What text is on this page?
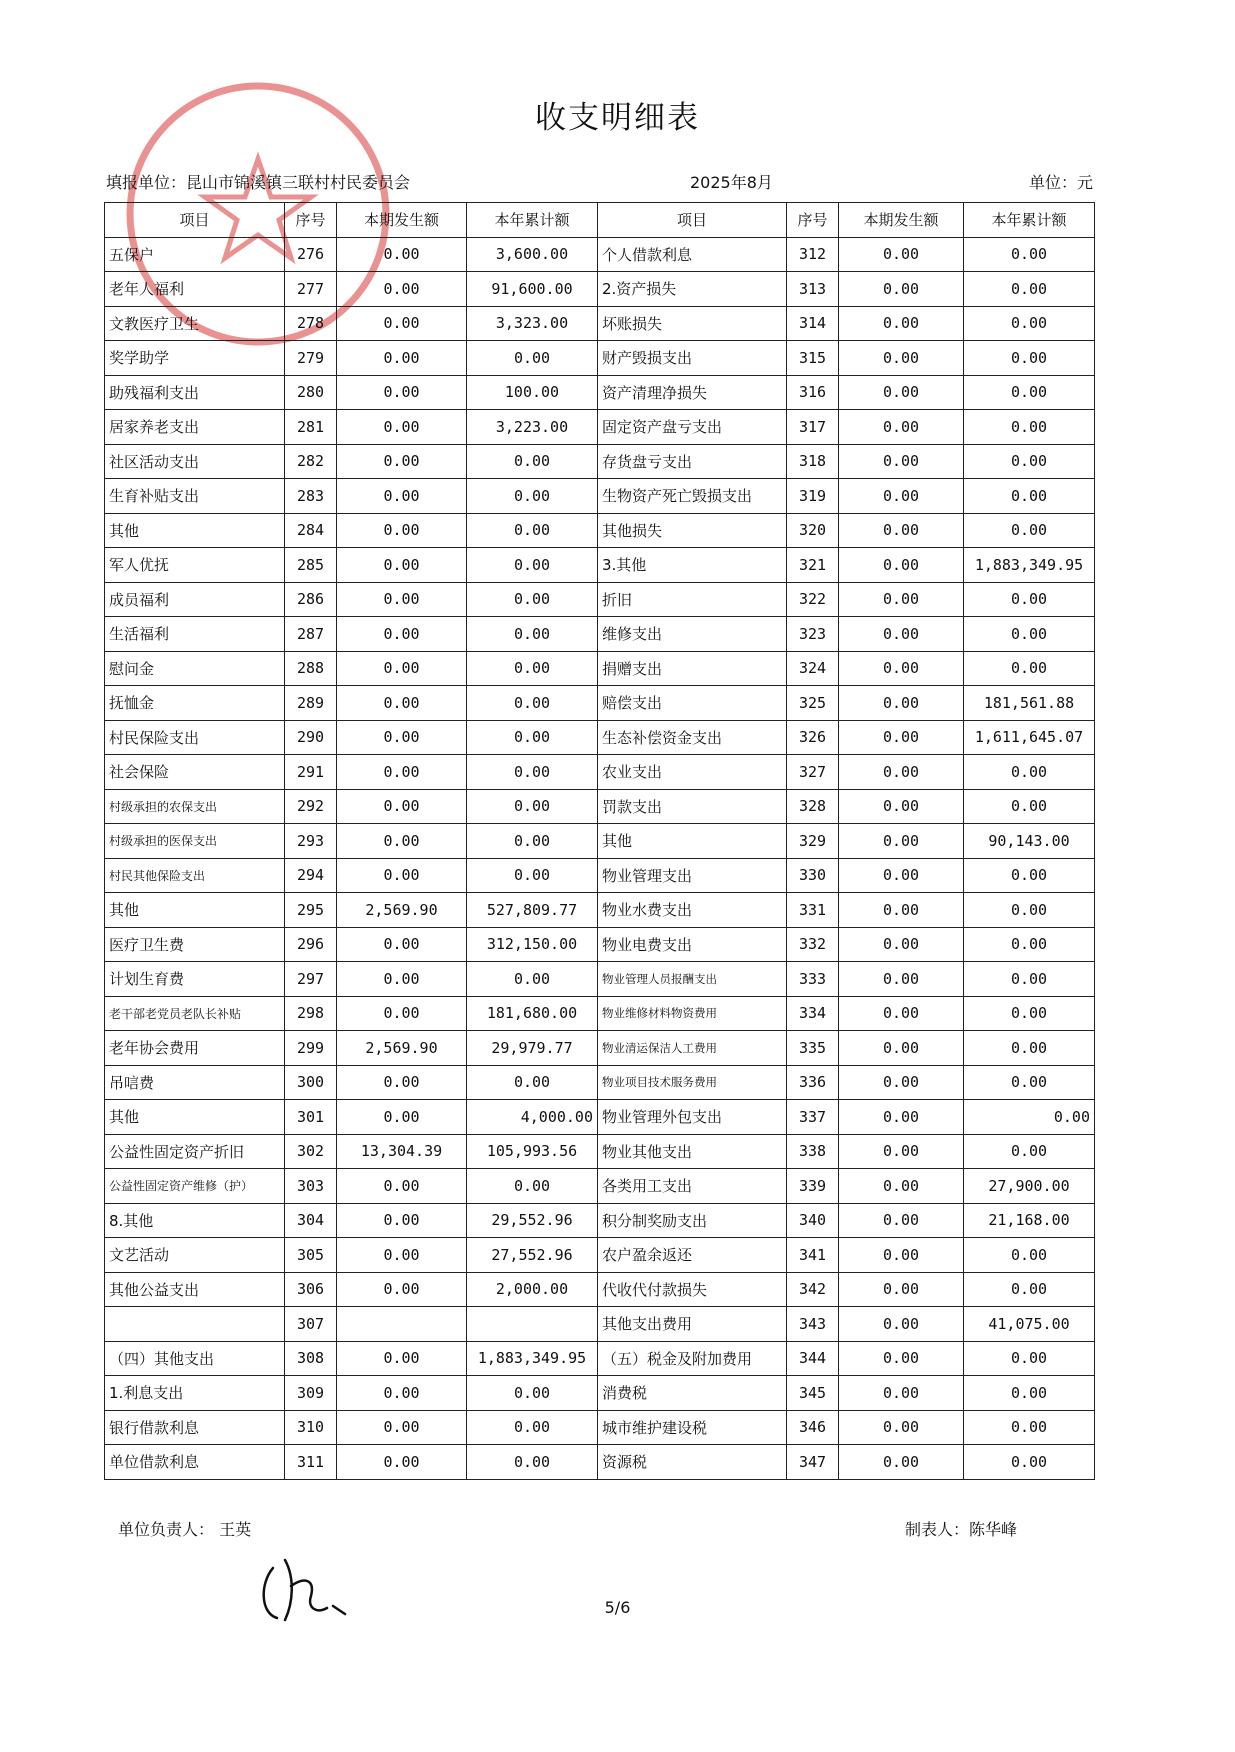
收支明细表
填报单位：昆山市锦溪镇三联村村民委员会	2025年8月	单位：元
项目	序号	本期发生额	本年累计额	项目	序号	本期发生额	本年累计额
五保户	276	0.00	3,600.00	个人借款利息	312	0.00	0.00
老年人福利	277	0.00	91,600.00	2.资产损失	313	0.00	0.00
文教医疗卫生	278	0.00	3,323.00	坏账损失	314	0.00	0.00
奖学助学	279	0.00	0.00	财产毁损支出	315	0.00	0.00
助残福利支出	280	0.00	100.00	资产清理净损失	316	0.00	0.00
居家养老支出	281	0.00	3,223.00	固定资产盘亏支出	317	0.00	0.00
社区活动支出	282	0.00	0.00	存货盘亏支出	318	0.00	0.00
生育补贴支出	283	0.00	0.00	生物资产死亡毁损支出	319	0.00	0.00
其他	284	0.00	0.00	其他损失	320	0.00	0.00
军人优抚	285	0.00	0.00	3.其他	321	0.00	1,883,349.95
成员福利	286	0.00	0.00	折旧	322	0.00	0.00
生活福利	287	0.00	0.00	维修支出	323	0.00	0.00
慰问金	288	0.00	0.00	捐赠支出	324	0.00	0.00
抚恤金	289	0.00	0.00	赔偿支出	325	0.00	181,561.88
村民保险支出	290	0.00	0.00	生态补偿资金支出	326	0.00	1,611,645.07
社会保险	291	0.00	0.00	农业支出	327	0.00	0.00
村级承担的农保支出	292	0.00	0.00	罚款支出	328	0.00	0.00
村级承担的医保支出	293	0.00	0.00	其他	329	0.00	90,143.00
村民其他保险支出	294	0.00	0.00	物业管理支出	330	0.00	0.00
其他	295	2,569.90	527,809.77	物业水费支出	331	0.00	0.00
医疗卫生费	296	0.00	312,150.00	物业电费支出	332	0.00	0.00
计划生育费	297	0.00	0.00	物业管理人员报酬支出	333	0.00	0.00
老干部老党员老队长补贴	298	0.00	181,680.00	物业维修材料物资费用	334	0.00	0.00
老年协会费用	299	2,569.90	29,979.77	物业清运保洁人工费用	335	0.00	0.00
吊唁费	300	0.00	0.00	物业项目技术服务费用	336	0.00	0.00
其他	301	0.00	4,000.00	物业管理外包支出	337	0.00	0.00
公益性固定资产折旧	302	13,304.39	105,993.56	物业其他支出	338	0.00	0.00
公益性固定资产维修（护）	303	0.00	0.00	各类用工支出	339	0.00	27,900.00
8.其他	304	0.00	29,552.96	积分制奖励支出	340	0.00	21,168.00
文艺活动	305	0.00	27,552.96	农户盈余返还	341	0.00	0.00
其他公益支出	306	0.00	2,000.00	代收代付款损失	342	0.00	0.00
	307			其他支出费用	343	0.00	41,075.00
（四）其他支出	308	0.00	1,883,349.95	（五）税金及附加费用	344	0.00	0.00
1.利息支出	309	0.00	0.00	消费税	345	0.00	0.00
银行借款利息	310	0.00	0.00	城市维护建设税	346	0.00	0.00
单位借款利息	311	0.00	0.00	资源税	347	0.00	0.00
单位负责人： 王英	制表人：陈华峰
5/6
